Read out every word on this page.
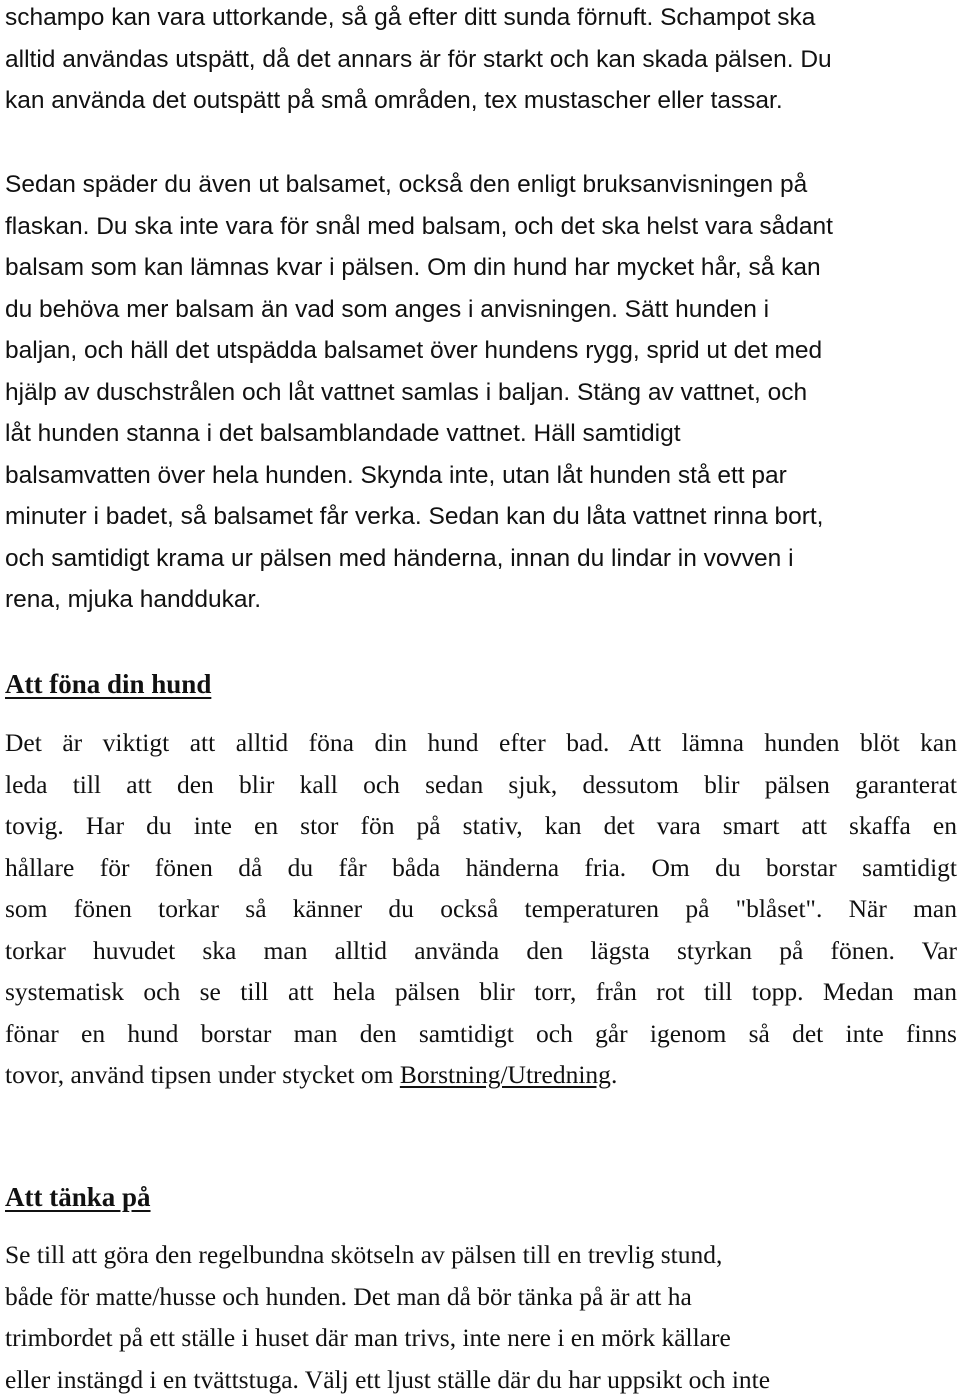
schampo kan vara uttorkande, så gå efter ditt sunda förnuft. Schampot ska
alltid användas utspätt, då det annars är för starkt och kan skada pälsen. Du
kan använda det outspätt på små områden, tex mustascher eller tassar.
Sedan späder du även ut balsamet, också den enligt bruksanvisningen på
flaskan. Du ska inte vara för snål med balsam, och det ska helst vara sådant
balsam som kan lämnas kvar i pälsen. Om din hund har mycket hår, så kan
du behöva mer balsam än vad som anges i anvisningen. Sätt hunden i
baljan, och häll det utspädda balsamet över hundens rygg, sprid ut det med
hjälp av duschstrålen och låt vattnet samlas i baljan. Stäng av vattnet, och
låt hunden stanna i det balsamblandade vattnet. Häll samtidigt
balsamvatten över hela hunden. Skynda inte, utan låt hunden stå ett par
minuter i badet, så balsamet får verka. Sedan kan du låta vattnet rinna bort,
och samtidigt krama ur pälsen med händerna, innan du lindar in vovven i
rena, mjuka handdukar.
Att föna din hund
Det är viktigt att alltid föna din hund efter bad. Att lämna hunden blöt kan
leda till att den blir kall och sedan sjuk, dessutom blir pälsen garanterat
tovig. Har du inte en stor fön på stativ, kan det vara smart att skaffa en
hållare för fönen då du får båda händerna fria. Om du borstar samtidigt
som fönen torkar så känner du också temperaturen på "blåset". När man
torkar huvudet ska man alltid använda den lägsta styrkan på fönen. Var
systematisk och se till att hela pälsen blir torr, från rot till topp. Medan man
fönar en hund borstar man den samtidigt och går igenom så det inte finns
tovor, använd tipsen under stycket om Borstning/Utredning.
Att tänka på
Se till att göra den regelbundna skötseln av pälsen till en trevlig stund,
både för matte/husse och hunden. Det man då bör tänka på är att ha
trimbordet på ett ställe i huset där man trivs, inte nere i en mörk källare
eller instängd i en tvättstuga. Välj ett ljust ställe där du har uppsikt och inte
